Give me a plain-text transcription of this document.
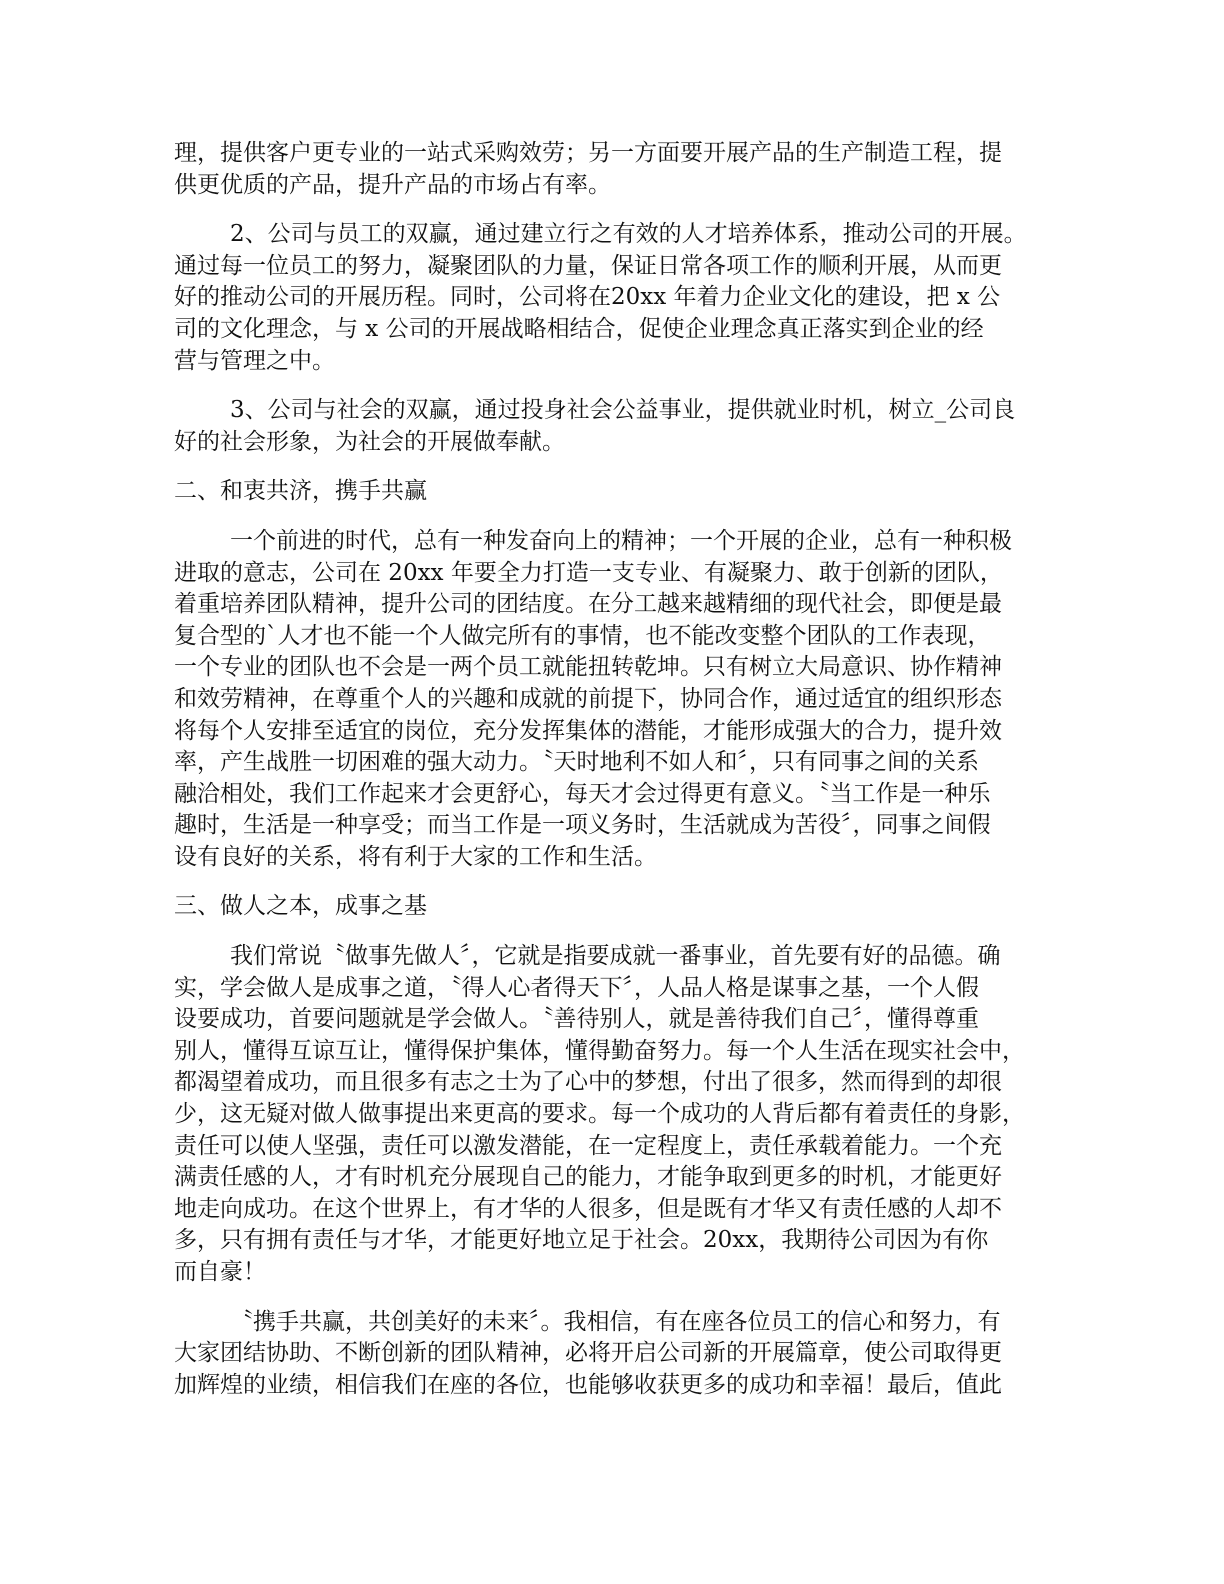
理，提供客户更专业的一站式采购效劳；另一方面要开展产品的生产制造工程，提
供更优质的产品，提升产品的市场占有率。
2、公司与员工的双赢，通过建立行之有效的人才培养体系，推动公司的开展。
通过每一位员工的努力，凝聚团队的力量，保证日常各项工作的顺利开展，从而更
好的推动公司的开展历程。同时，公司将在20xx 年着力企业文化的建设，把 x 公
司的文化理念，与 x 公司的开展战略相结合，促使企业理念真正落实到企业的经
营与管理之中。
3、公司与社会的双赢，通过投身社会公益事业，提供就业时机，树立_公司良
好的社会形象，为社会的开展做奉献。
二、和衷共济，携手共赢
一个前进的时代，总有一种发奋向上的精神；一个开展的企业，总有一种积极
进取的意志，公司在 20xx 年要全力打造一支专业、有凝聚力、敢于创新的团队，
着重培养团队精神，提升公司的团结度。在分工越来越精细的现代社会，即便是最
复合型的`人才也不能一个人做完所有的事情，也不能改变整个团队的工作表现，
一个专业的团队也不会是一两个员工就能扭转乾坤。只有树立大局意识、协作精神
和效劳精神，在尊重个人的兴趣和成就的前提下，协同合作，通过适宜的组织形态
将每个人安排至适宜的岗位，充分发挥集体的潜能，才能形成强大的合力，提升效
率，产生战胜一切困难的强大动力。〝天时地利不如人和〞，只有同事之间的关系
融洽相处，我们工作起来才会更舒心，每天才会过得更有意义。〝当工作是一种乐
趣时，生活是一种享受；而当工作是一项义务时，生活就成为苦役〞，同事之间假
设有良好的关系，将有利于大家的工作和生活。
三、做人之本，成事之基
我们常说〝做事先做人〞，它就是指要成就一番事业，首先要有好的品德。确
实，学会做人是成事之道，〝得人心者得天下〞，人品人格是谋事之基，一个人假
设要成功，首要问题就是学会做人。〝善待别人，就是善待我们自己〞，懂得尊重
别人，懂得互谅互让，懂得保护集体，懂得勤奋努力。每一个人生活在现实社会中，
都渴望着成功，而且很多有志之士为了心中的梦想，付出了很多，然而得到的却很
少，这无疑对做人做事提出来更高的要求。每一个成功的人背后都有着责任的身影，
责任可以使人坚强，责任可以激发潜能，在一定程度上，责任承载着能力。一个充
满责任感的人，才有时机充分展现自己的能力，才能争取到更多的时机，才能更好
地走向成功。在这个世界上，有才华的人很多，但是既有才华又有责任感的人却不
多，只有拥有责任与才华，才能更好地立足于社会。20xx，我期待公司因为有你
而自豪！
〝携手共赢，共创美好的未来〞。我相信，有在座各位员工的信心和努力，有
大家团结协助、不断创新的团队精神，必将开启公司新的开展篇章，使公司取得更
加辉煌的业绩，相信我们在座的各位，也能够收获更多的成功和幸福！最后，值此
